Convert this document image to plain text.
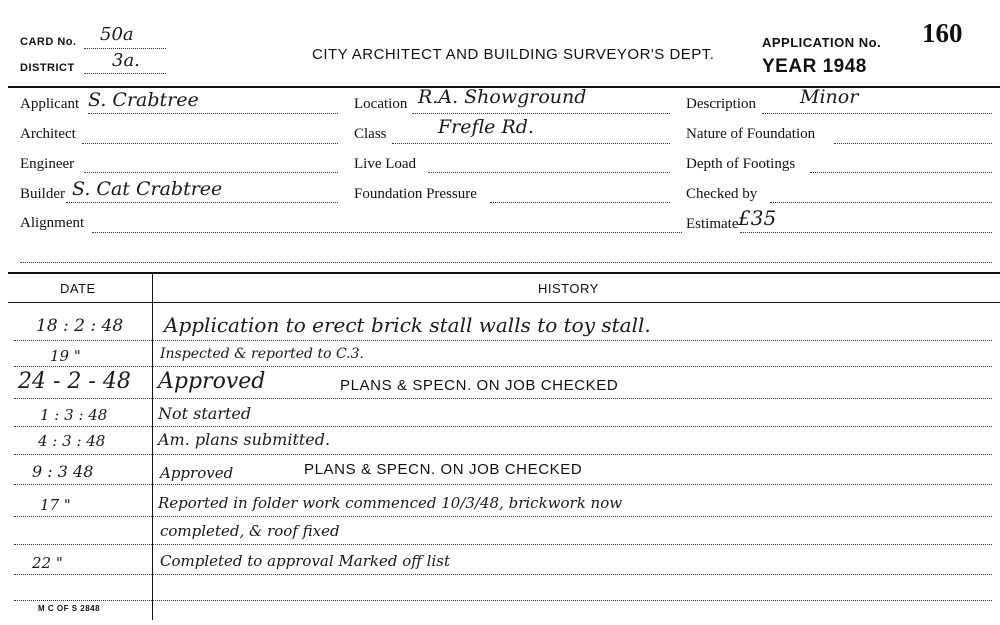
CARD No. 50a
DISTRICT 3a.	CITY ARCHITECT AND BUILDING SURVEYOR'S DEPT.
APPLICATION No. 160
YEAR 1948
Applicant S. Crabtree
Architect
Engineer
Builder S. Cat Crabtree
Alignment
Location R.A. Showground
Class	Frefle Rd.
Live Load
Foundation Pressure
Description Minor
Nature of Foundation
Depth of Footings
Checked by
Estimate £35
DATE	HISTORY
18 : 2 : 48 Application to erect brick stall walls to toy stall.
19 "	Inspected & reported to C.3.
24 - 2 - 48 Approved	PLANS & SPECN. ON JOB CHECKED
1 : 3 : 48	Not started
4 : 3 : 48	Am. plans submitted.
9 : 3 48	Approved	PLANS & SPECN. ON JOB CHECKED
17 "	Reported in folder work commenced 10/3/48, brickwork now
completed, & roof fixed
22 "	Completed to approval Marked off list
M C OF S 2848
